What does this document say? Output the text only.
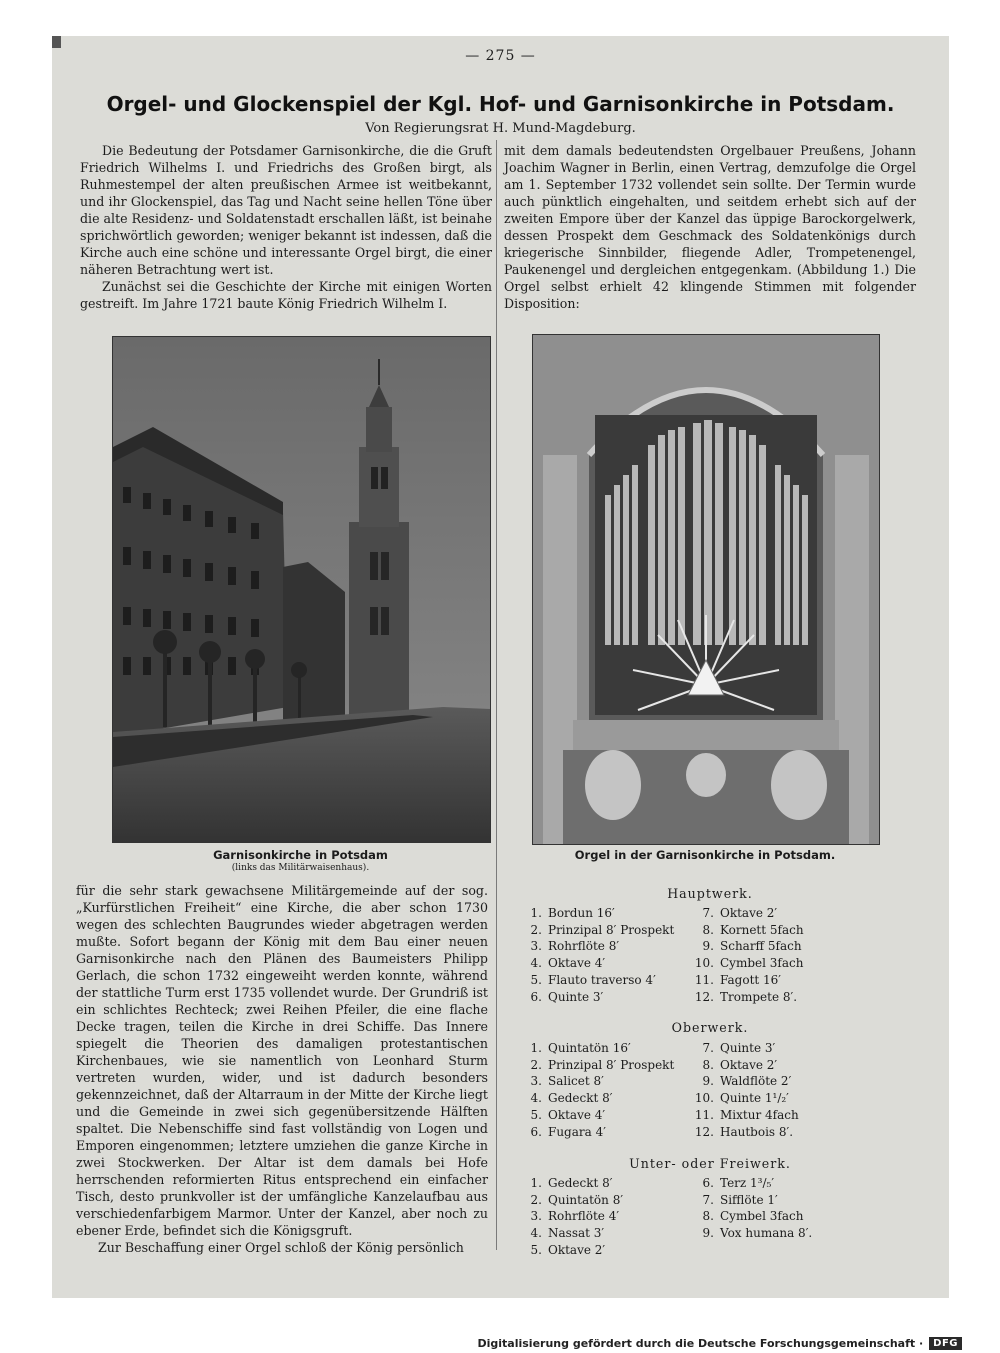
— 275 —
Orgel- und Glockenspiel der Kgl. Hof- und Garnisonkirche in Potsdam.
Von Regierungsrat H. Mund-Magdeburg.

Die Bedeutung der Potsdamer Garnisonkirche, die die Gruft Friedrich Wilhelms I. und Friedrichs des Großen birgt, als Ruhmestempel der alten preußischen Armee ist weitbekannt, und ihr Glockenspiel, das Tag und Nacht seine hellen Töne über die alte Residenz- und Soldatenstadt erschallen läßt, ist beinahe sprichwörtlich geworden; weniger bekannt ist indessen, daß die Kirche auch eine schöne und interessante Orgel birgt, die einer näheren Betrachtung wert ist.

Zunächst sei die Geschichte der Kirche mit einigen Worten gestreift. Im Jahre 1721 baute König Friedrich Wilhelm I.

mit dem damals bedeutendsten Orgelbauer Preußens, Johann Joachim Wagner in Berlin, einen Vertrag, demzufolge die Orgel am 1. September 1732 vollendet sein sollte. Der Termin wurde auch pünktlich eingehalten, und seitdem erhebt sich auf der zweiten Empore über der Kanzel das üppige Barockorgelwerk, dessen Prospekt dem Geschmack des Soldatenkönigs durch kriegerische Sinnbilder, fliegende Adler, Trompetenengel, Paukenengel und dergleichen entgegenkam. (Abbildung 1.) Die Orgel selbst erhielt 42 klingende Stimmen mit folgender Disposition:

Garnisonkirche in Potsdam
(links das Militärwaisenhaus).
Orgel in der Garnisonkirche in Potsdam.

für die sehr stark gewachsene Militärgemeinde auf der sog. „Kurfürstlichen Freiheit“ eine Kirche, die aber schon 1730 wegen des schlechten Baugrundes wieder abgetragen werden mußte. Sofort begann der König mit dem Bau einer neuen Garnisonkirche nach den Plänen des Baumeisters Philipp Gerlach, die schon 1732 eingeweiht werden konnte, während der stattliche Turm erst 1735 vollendet wurde. Der Grundriß ist ein schlichtes Rechteck; zwei Reihen Pfeiler, die eine flache Decke tragen, teilen die Kirche in drei Schiffe. Das Innere spiegelt die Theorien des damaligen protestantischen Kirchenbaues, wie sie namentlich von Leonhard Sturm vertreten wurden, wider, und ist dadurch besonders gekennzeichnet, daß der Altarraum in der Mitte der Kirche liegt und die Gemeinde in zwei sich gegenübersitzende Hälften spaltet. Die Nebenschiffe sind fast vollständig von Logen und Emporen eingenommen; letztere umziehen die ganze Kirche in zwei Stockwerken. Der Altar ist dem damals bei Hofe herrschenden reformierten Ritus entsprechend ein einfacher Tisch, desto prunkvoller ist der umfängliche Kanzelaufbau aus verschiedenfarbigem Marmor. Unter der Kanzel, aber noch zu ebener Erde, befindet sich die Königsgruft.

Zur Beschaffung einer Orgel schloß der König persönlich

Hauptwerk.
1. Bordun 16′
2. Prinzipal 8′ Prospekt
3. Rohrflöte 8′
4. Oktave 4′
5. Flauto traverso 4′
6. Quinte 3′
7. Oktave 2′
8. Kornett 5fach
9. Scharff 5fach
10. Cymbel 3fach
11. Fagott 16′
12. Trompete 8′.
Oberwerk.
1. Quintatön 16′
2. Prinzipal 8′ Prospekt
3. Salicet 8′
4. Gedeckt 8′
5. Oktave 4′
6. Fugara 4′
7. Quinte 3′
8. Oktave 2′
9. Waldflöte 2′
10. Quinte 1¹/₂′
11. Mixtur 4fach
12. Hautbois 8′.
Unter- oder Freiwerk.
1. Gedeckt 8′
2. Quintatön 8′
3. Rohrflöte 4′
4. Nassat 3′
5. Oktave 2′
6. Terz 1³/₅′
7. Sifflöte 1′
8. Cymbel 3fach
9. Vox humana 8′.
Digitalisierung gefördert durch die Deutsche Forschungsgemeinschaft ·	DFG
